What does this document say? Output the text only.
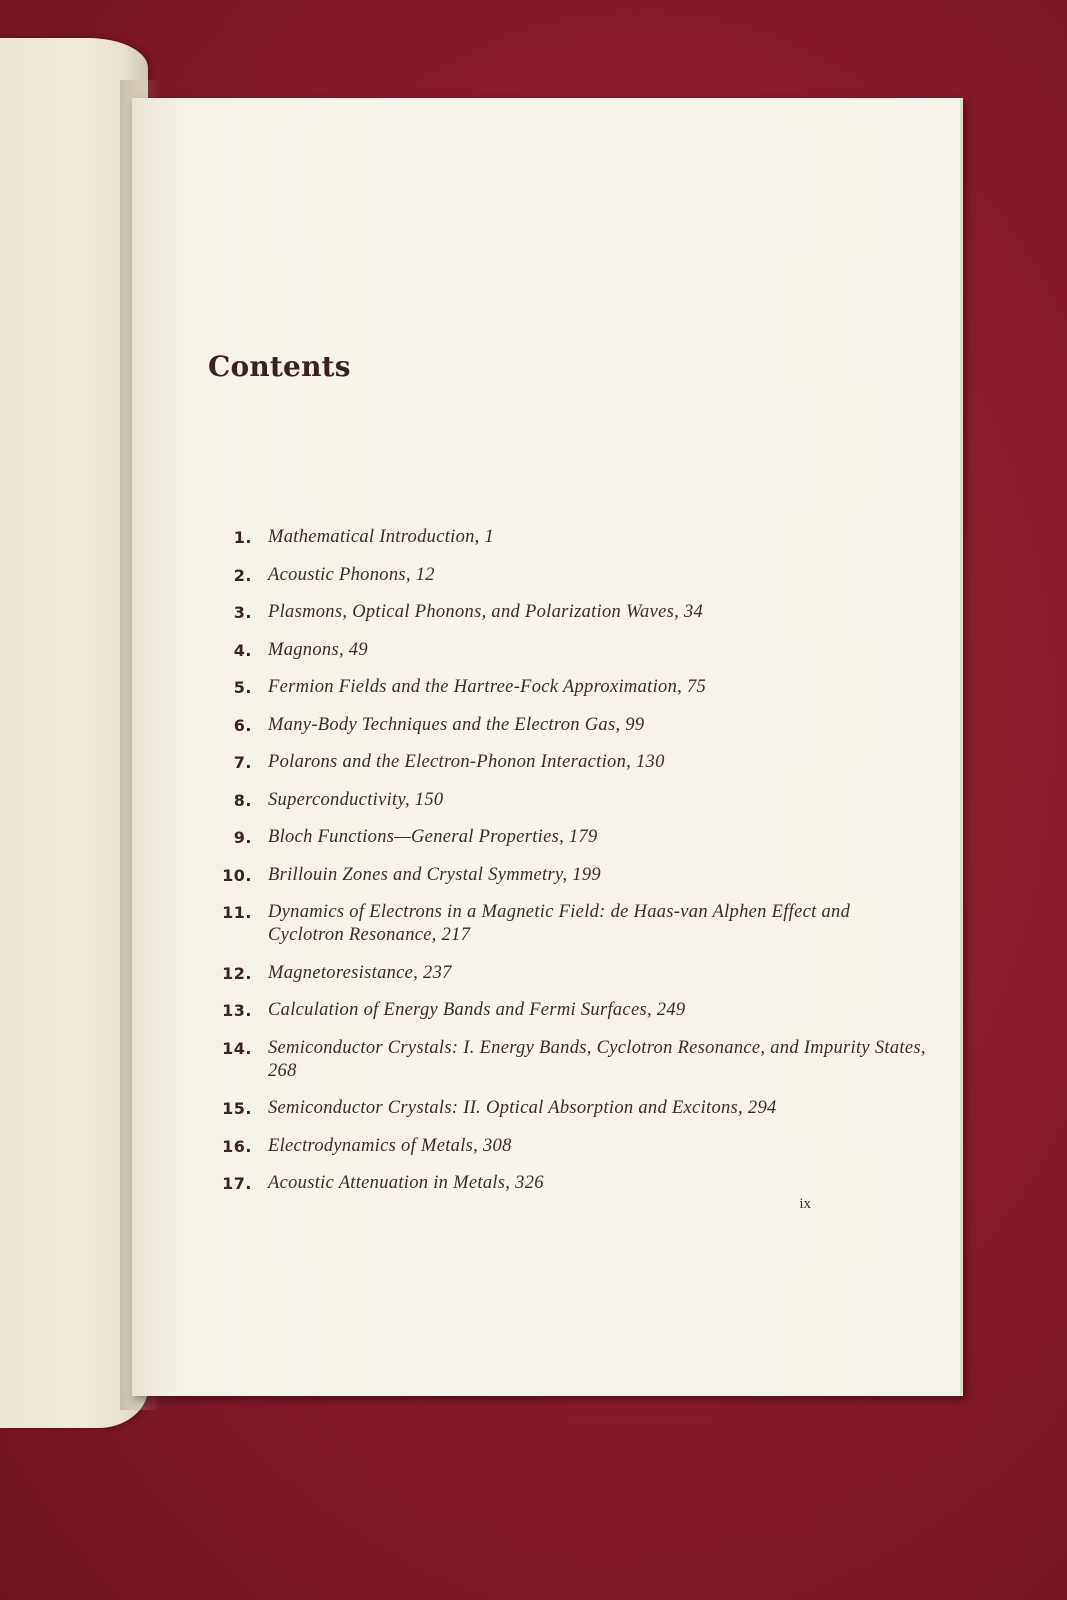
Contents
1. Mathematical Introduction, 1
2. Acoustic Phonons, 12
3. Plasmons, Optical Phonons, and Polarization Waves, 34
4. Magnons, 49
5. Fermion Fields and the Hartree-Fock Approximation, 75
6. Many-Body Techniques and the Electron Gas, 99
7. Polarons and the Electron-Phonon Interaction, 130
8. Superconductivity, 150
9. Bloch Functions—General Properties, 179
10. Brillouin Zones and Crystal Symmetry, 199
11. Dynamics of Electrons in a Magnetic Field: de Haas-van Alphen Effect and Cyclotron Resonance, 217
12. Magnetoresistance, 237
13. Calculation of Energy Bands and Fermi Surfaces, 249
14. Semiconductor Crystals: I. Energy Bands, Cyclotron Resonance, and Impurity States, 268
15. Semiconductor Crystals: II. Optical Absorption and Excitons, 294
16. Electrodynamics of Metals, 308
17. Acoustic Attenuation in Metals, 326
ix
